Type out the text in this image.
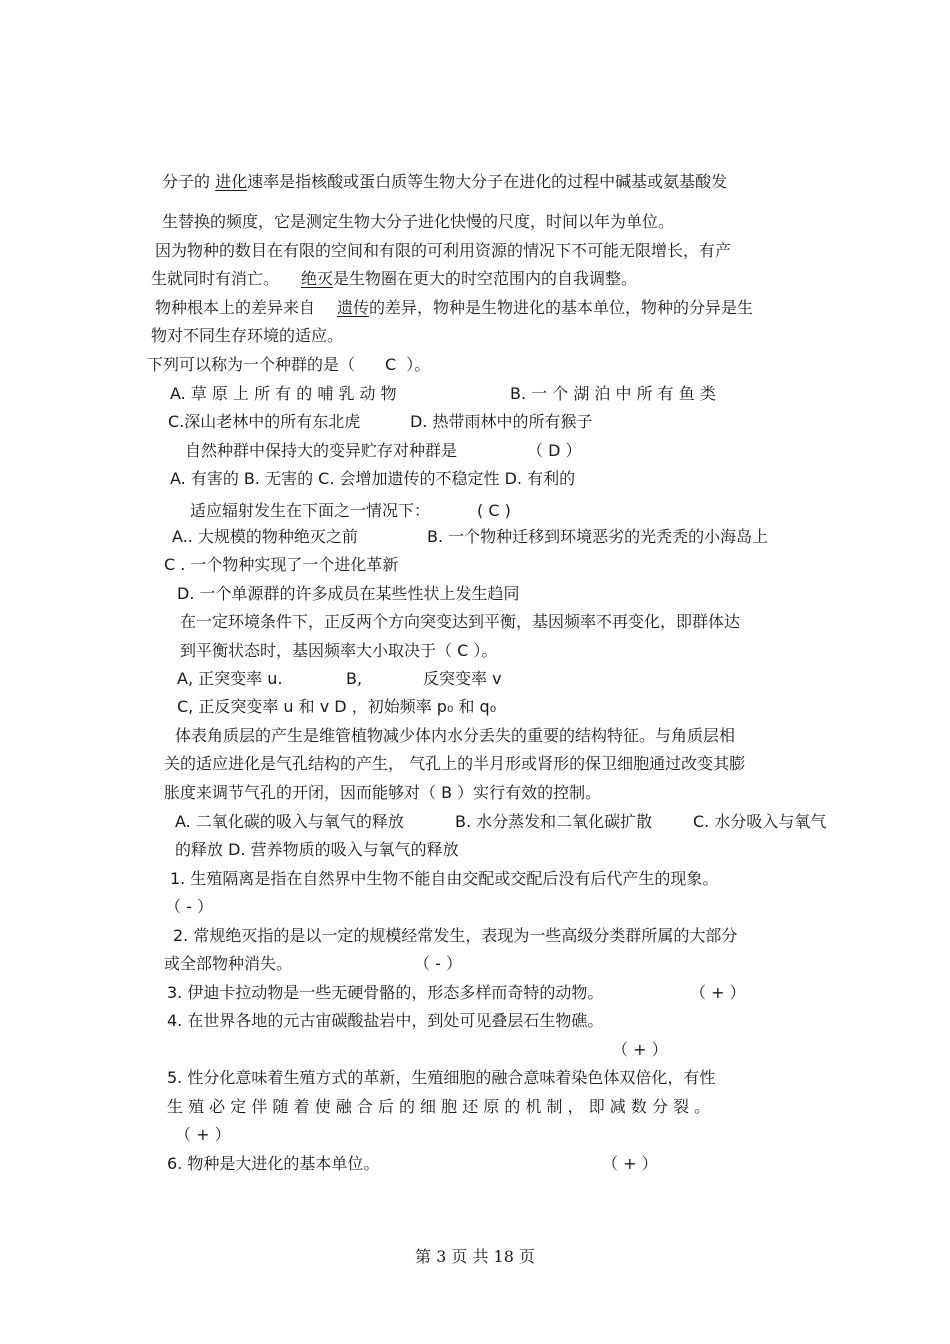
分子的 进化速率是指核酸或蛋白质等生物大分子在进化的过程中碱基或氨基酸发
生替换的频度，它是测定生物大分子进化快慢的尺度，时间以年为单位。
因为物种的数目在有限的空间和有限的可利用资源的情况下不可能无限增长，有产
生就同时有消亡。 绝灭是生物圈在更大的时空范围内的自我调整。
物种根本上的差异来自 遗传的差异，物种是生物进化的基本单位，物种的分异是生
物对不同生存环境的适应。
下列可以称为一个种群的是（ C ）。
A. 草 原 上 所 有 的 哺 乳 动 物	B. 一 个 湖 泊 中 所 有 鱼 类
C.深山老林中的所有东北虎	D. 热带雨林中的所有猴子
自然种群中保持大的变异贮存对种群是	（ D ）
A. 有害的 B. 无害的 C. 会增加遗传的不稳定性 D. 有利的
适应辐射发生在下面之一情况下：	( C )
A.. 大规模的物种绝灭之前	B. 一个物种迁移到环境恶劣的光秃秃的小海岛上
C . 一个物种实现了一个进化革新
D. 一个单源群的许多成员在某些性状上发生趋同
在一定环境条件下，正反两个方向突变达到平衡，基因频率不再变化，即群体达
到平衡状态时，基因频率大小取决于（ C ）。
A, 正突变率 u.	B,	反突变率 v
C, 正反突变率 u 和 v D ，初始频率 p₀ 和 q₀
体表角质层的产生是维管植物减少体内水分丢失的重要的结构特征。与角质层相
关的适应进化是气孔结构的产生， 气孔上的半月形或肾形的保卫细胞通过改变其膨
胀度来调节气孔的开闭，因而能够对（ B ）实行有效的控制。
A. 二氧化碳的吸入与氧气的释放	B. 水分蒸发和二氧化碳扩散	C. 水分吸入与氧气
的释放 D. 营养物质的吸入与氧气的释放
1. 生殖隔离是指在自然界中生物不能自由交配或交配后没有后代产生的现象。
（ - ）
2. 常规绝灭指的是以一定的规模经常发生，表现为一些高级分类群所属的大部分
或全部物种消失。	（ - ）
3. 伊迪卡拉动物是一些无硬骨骼的，形态多样而奇特的动物。	（ + ）
4. 在世界各地的元古宙碳酸盐岩中，到处可见叠层石生物礁。
（ + ）
5. 性分化意味着生殖方式的革新，生殖细胞的融合意味着染色体双倍化，有性
生 殖 必 定 伴 随 着 使 融 合 后 的 细 胞 还 原 的 机 制 ， 即 减 数 分 裂 。
（ + ）
6. 物种是大进化的基本单位。	（ + ）
第 3 页 共 18 页
